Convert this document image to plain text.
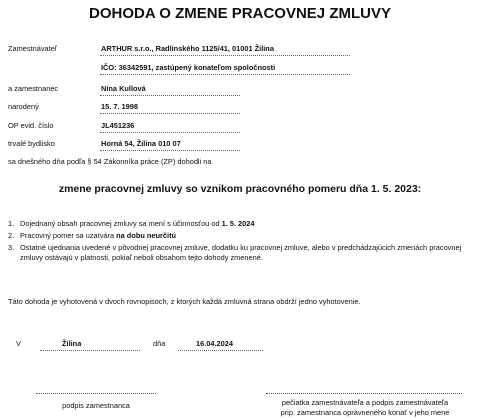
DOHODA O ZMENE PRACOVNEJ ZMLUVY
Zamestnávateľ	ARTHUR s.r.o., Radlinského 1125/41, 01001 Žilina
IČO: 36342591, zastúpený konateľom spoločnosti
a zamestnanec	Nina Kullová
narodený	15. 7. 1998
OP evid. číslo	JL451236
trvalé bydlisko	Horná 54, Žilina 010 07
sa dnešného dňa podľa § 54 Zákonníka práce (ZP) dohodli na
zmene pracovnej zmluvy so vznikom pracovného pomeru dňa 1. 5. 2023:
1. Dojednaný obsah pracovnej zmluvy sa mení s účinnosťou od 1. 5. 2024
2. Pracovný pomer sa uzatvára na dobu neurčitú
3. Ostatné ujednania uvedené v pôvodnej pracovnej zmluve, dodatku ku pracovnej zmluve, alebo v predchádzajúcich zmenách pracovnej zmluvy ostávajú v platnosti, pokiaľ neboli obsahom tejto dohody zmenené.
Táto dohoda je vyhotovená v dvoch rovnopisoch, z ktorých každá zmluvná strana obdrží jedno vyhotovenie.
V	Žilina	dňa	16.04.2024
podpis zamestnanca	pečiatka zamestnávateľa a podpis zamestnávateľa
prip. zamestnanca oprávneného konať v jeho mene
